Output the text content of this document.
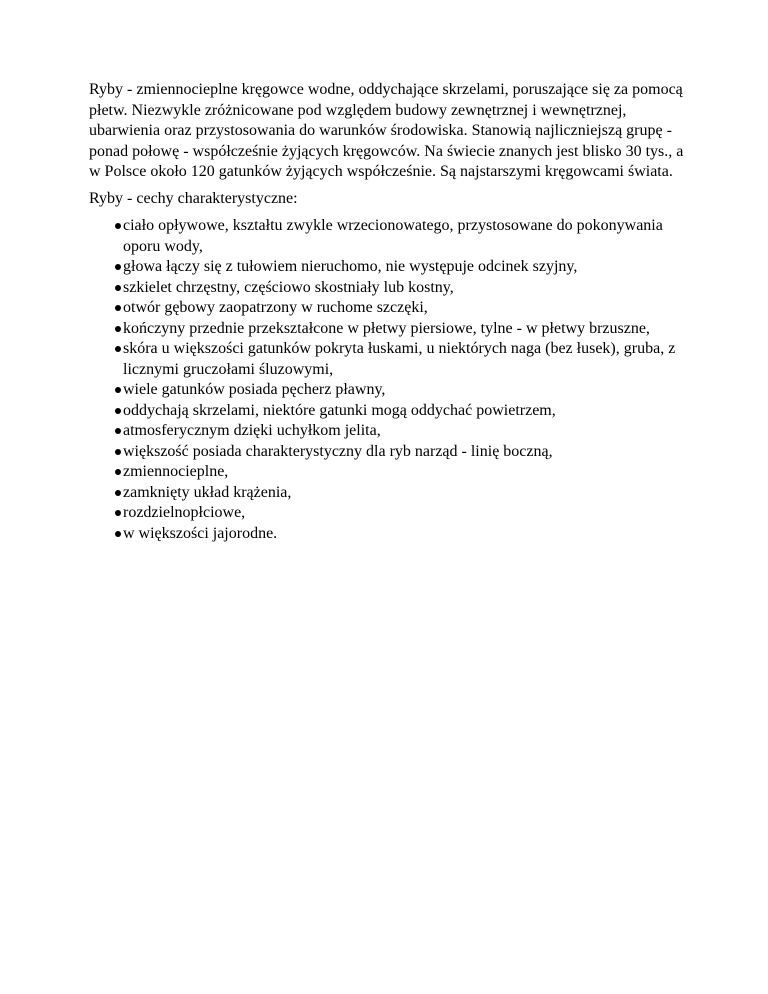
Ryby - zmiennocieplne kręgowce wodne, oddychające skrzelami, poruszające się za pomocą płetw. Niezwykle zróżnicowane pod względem budowy zewnętrznej i wewnętrznej, ubarwienia oraz przystosowania do warunków środowiska. Stanowią najliczniejszą grupę - ponad połowę - współcześnie żyjących kręgowców. Na świecie znanych jest blisko 30 tys., a w Polsce około 120 gatunków żyjących współcześnie. Są najstarszymi kręgowcami świata.

Ryby - cechy charakterystyczne:

ciało opływowe, kształtu zwykle wrzecionowatego, przystosowane do pokonywania oporu wody,
głowa łączy się z tułowiem nieruchomo, nie występuje odcinek szyjny,
szkielet chrzęstny, częściowo skostniały lub kostny,
otwór gębowy zaopatrzony w ruchome szczęki,
kończyny przednie przekształcone w płetwy piersiowe, tylne - w płetwy brzuszne,
skóra u większości gatunków pokryta łuskami, u niektórych naga (bez łusek), gruba, z licznymi gruczołami śluzowymi,
wiele gatunków posiada pęcherz pławny,
oddychają skrzelami, niektóre gatunki mogą oddychać powietrzem,
atmosferycznym dzięki uchyłkom jelita,
większość posiada charakterystyczny dla ryb narząd - linię boczną,
zmiennocieplne,
zamknięty układ krążenia,
rozdzielnopłciowe,
w większości jajorodne.
